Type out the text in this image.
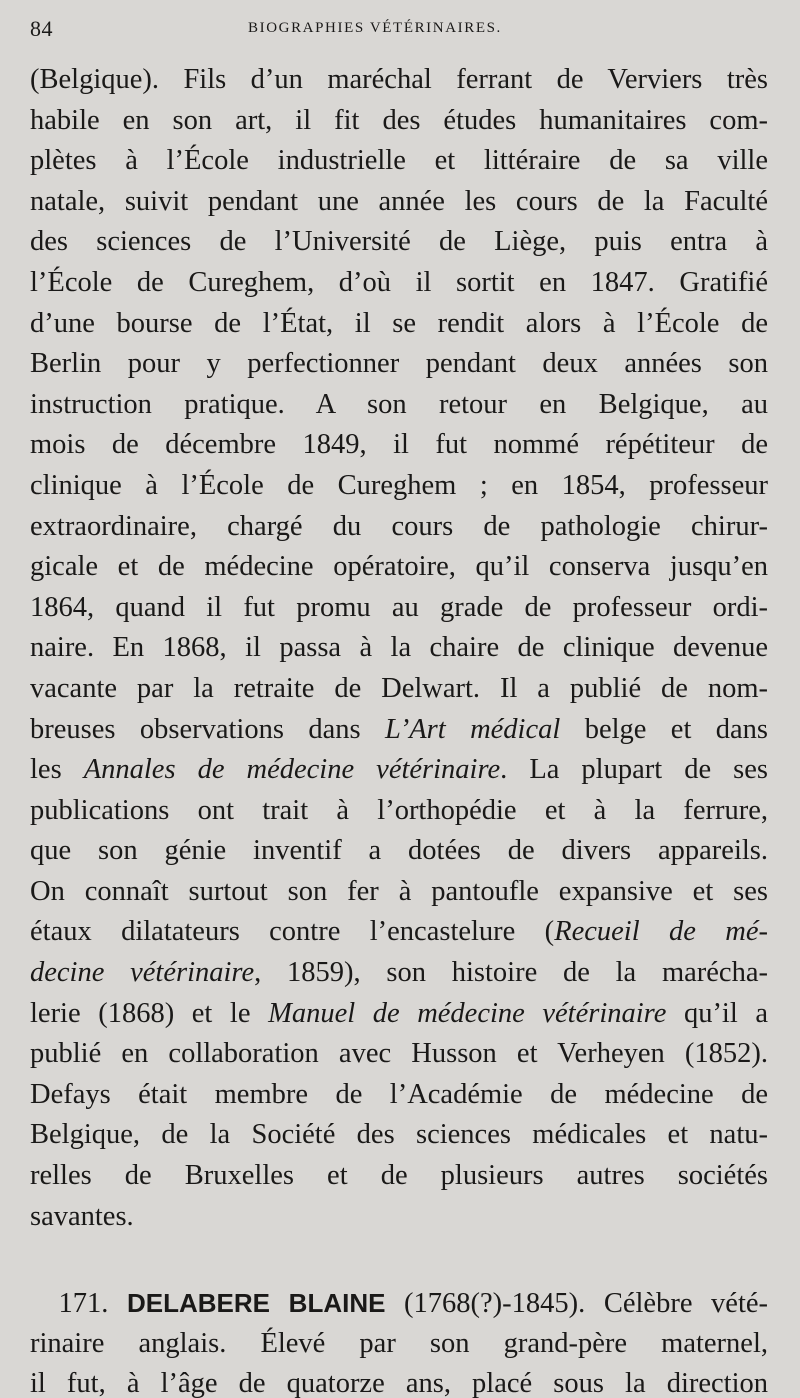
84	BIOGRAPHIES VÉTÉRINAIRES.
(Belgique). Fils d’un maréchal ferrant de Verviers très
habile en son art, il fit des études humanitaires com-
plètes à l’École industrielle et littéraire de sa ville
natale, suivit pendant une année les cours de la Faculté
des sciences de l’Université de Liège, puis entra à
l’École de Cureghem, d’où il sortit en 1847. Gratifié
d’une bourse de l’État, il se rendit alors à l’École de
Berlin pour y perfectionner pendant deux années son
instruction pratique. A son retour en Belgique, au
mois de décembre 1849, il fut nommé répétiteur de
clinique à l’École de Cureghem ; en 1854, professeur
extraordinaire, chargé du cours de pathologie chirur-
gicale et de médecine opératoire, qu’il conserva jusqu’en
1864, quand il fut promu au grade de professeur ordi-
naire. En 1868, il passa à la chaire de clinique devenue
vacante par la retraite de Delwart. Il a publié de nom-
breuses observations dans L’Art médical belge et dans
les Annales de médecine vétérinaire. La plupart de ses
publications ont trait à l’orthopédie et à la ferrure,
que son génie inventif a dotées de divers appareils.
On connaît surtout son fer à pantoufle expansive et ses
étaux dilatateurs contre l’encastelure (Recueil de mé-
decine vétérinaire, 1859), son histoire de la maréchа-
lerie (1868) et le Manuel de médecine vétérinaire qu’il a
publié en collaboration avec Husson et Verheyen (1852).
Defays était membre de l’Académie de médecine de
Belgique, de la Société des sciences médicales et natu-
relles de Bruxelles et de plusieurs autres sociétés
savantes.
 171. DELABERE BLAINE (1768(?)-1845). Célèbre vété-
rinaire anglais. Élevé par son grand-père maternel,
il fut, à l’âge de quatorze ans, placé sous la direction
